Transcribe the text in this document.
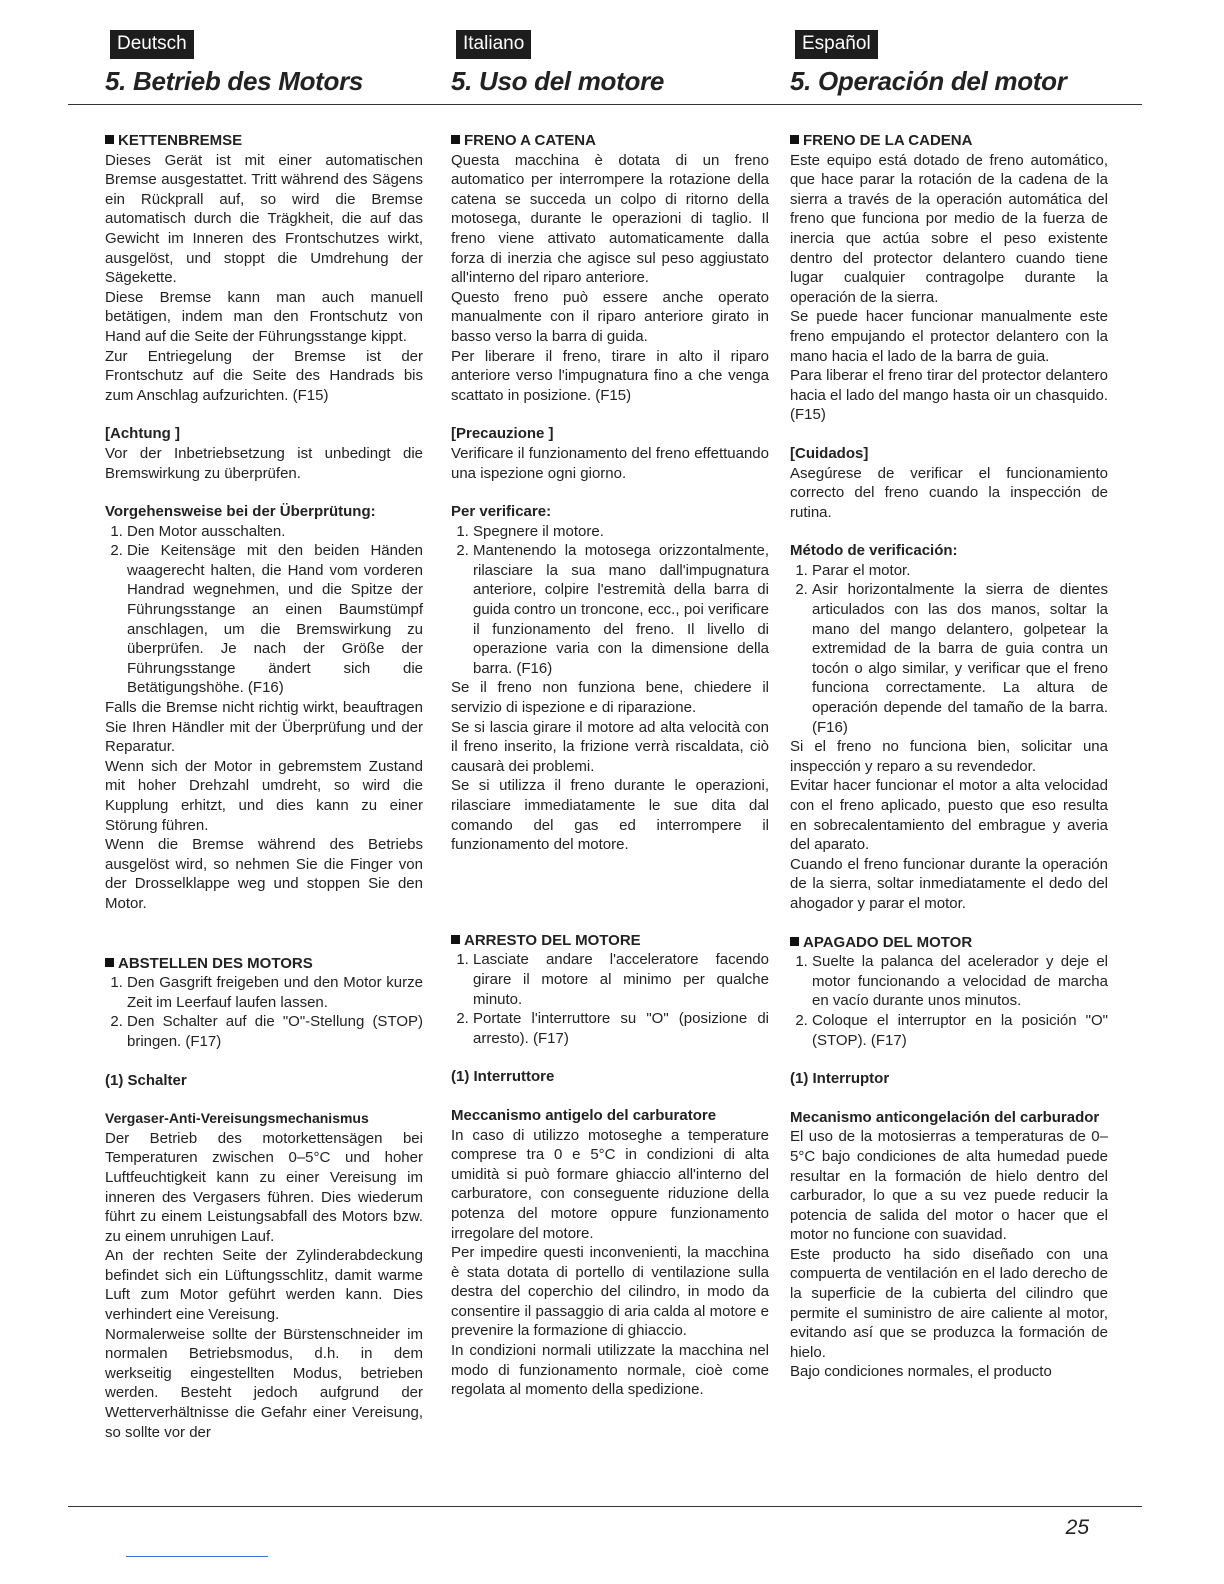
Deutsch
5. Betrieb des Motors
KETTENBREMSE

Dieses Gerät ist mit einer automatischen Bremse ausgestattet. Tritt während des Sägens ein Rückprall auf, so wird die Bremse automatisch durch die Trägkheit, die auf das Gewicht im Inneren des Frontschutzes wirkt, ausgelöst, und stoppt die Umdrehung der Sägekette.

Diese Bremse kann man auch manuell betätigen, indem man den Frontschutz von Hand auf die Seite der Führungsstange kippt.

Zur Entriegelung der Bremse ist der Frontschutz auf die Seite des Handrads bis zum Anschlag aufzurichten. (F15)

[Achtung ]

Vor der Inbetriebsetzung ist unbedingt die Bremswirkung zu überprüfen.

Vorgehensweise bei der Überprütung:
1. Den Motor ausschalten.
2. Die Keitensäge mit den beiden Händen waagerecht halten, die Hand vom vorderen Handrad wegnehmen, und die Spitze der Führungsstange an einen Baumstümpf anschlagen, um die Bremswirkung zu überprüfen. Je nach der Größe der Führungsstange ändert sich die Betätigungshöhe. (F16)

Falls die Bremse nicht richtig wirkt, beauftragen Sie Ihren Händler mit der Überprüfung und der Reparatur.

Wenn sich der Motor in gebremstem Zustand mit hoher Drehzahl umdreht, so wird die Kupplung erhitzt, und dies kann zu einer Störung führen.

Wenn die Bremse während des Betriebs ausgelöst wird, so nehmen Sie die Finger von der Drosselklappe weg und stoppen Sie den Motor.

ABSTELLEN DES MOTORS
1. Den Gasgrift freigeben und den Motor kurze Zeit im Leerfauf laufen lassen.
2. Den Schalter auf die "O"-Stellung (STOP) bringen. (F17)
(1) Schalter
Vergaser-Anti-Vereisungsmechanismus

Der Betrieb des motorkettensägen bei Temperaturen zwischen 0–5°C und hoher Luftfeuchtigkeit kann zu einer Vereisung im inneren des Vergasers führen. Dies wiederum führt zu einem Leistungsabfall des Motors bzw. zu einem unruhigen Lauf.

An der rechten Seite der Zylinderabdeckung befindet sich ein Lüftungsschlitz, damit warme Luft zum Motor geführt werden kann. Dies verhindert eine Vereisung.

Normalerweise sollte der Bürstenschneider im normalen Betriebsmodus, d.h. in dem werkseitig eingestellten Modus, betrieben werden. Besteht jedoch aufgrund der Wetterverhältnisse die Gefahr einer Vereisung, so sollte vor der

Italiano
5. Uso del motore
FRENO A CATENA

Questa macchina è dotata di un freno automatico per interrompere la rotazione della catena se succeda un colpo di ritorno della motosega, durante le operazioni di taglio. Il freno viene attivato automaticamente dalla forza di inerzia che agisce sul peso aggiustato all'interno del riparo anteriore.

Questo freno può essere anche operato manualmente con il riparo anteriore girato in basso verso la barra di guida.

Per liberare il freno, tirare in alto il riparo anteriore verso l'impugnatura fino a che venga scattato in posizione. (F15)

[Precauzione ]

Verificare il funzionamento del freno effettuando una ispezione ogni giorno.

Per verificare:
1. Spegnere il motore.
2. Mantenendo la motosega orizzontalmente, rilasciare la sua mano dall'impugnatura anteriore, colpire l'estremità della barra di guida contro un troncone, ecc., poi verificare il funzionamento del freno. Il livello di operazione varia con la dimensione della barra. (F16)

Se il freno non funziona bene, chiedere il servizio di ispezione e di riparazione.

Se si lascia girare il motore ad alta velocità con il freno inserito, la frizione verrà riscaldata, ciò causarà dei problemi.

Se si utilizza il freno durante le operazioni, rilasciare immediatamente le sue dita dal comando del gas ed interrompere il funzionamento del motore.

ARRESTO DEL MOTORE
1. Lasciate andare l'acceleratore facendo girare il motore al minimo per qualche minuto.
2. Portate l'interruttore su "O" (posizione di arresto). (F17)
(1) Interruttore
Meccanismo antigelo del carburatore

In caso di utilizzo motoseghe a temperature comprese tra 0 e 5°C in condizioni di alta umidità si può formare ghiaccio all'interno del carburatore, con conseguente riduzione della potenza del motore oppure funzionamento irregolare del motore.

Per impedire questi inconvenienti, la macchina è stata dotata di portello di ventilazione sulla destra del coperchio del cilindro, in modo da consentire il passaggio di aria calda al motore e prevenire la formazione di ghiaccio.

In condizioni normali utilizzate la macchina nel modo di funzionamento normale, cioè come regolata al momento della spedizione.

Español
5. Operación del motor
FRENO DE LA CADENA

Este equipo está dotado de freno automático, que hace parar la rotación de la cadena de la sierra a través de la operación automática del freno que funciona por medio de la fuerza de inercia que actúa sobre el peso existente dentro del protector delantero cuando tiene lugar cualquier contragolpe durante la operación de la sierra.

Se puede hacer funcionar manualmente este freno empujando el protector delantero con la mano hacia el lado de la barra de guia.

Para liberar el freno tirar del protector delantero hacia el lado del mango hasta oir un chasquido. (F15)

[Cuidados]

Asegúrese de verificar el funcionamiento correcto del freno cuando la inspección de rutina.

Método de verificación:
1. Parar el motor.
2. Asir horizontalmente la sierra de dientes articulados con las dos manos, soltar la mano del mango delantero, golpetear la extremidad de la barra de guia contra un tocón o algo similar, y verificar que el freno funciona correctamente. La altura de operación depende del tamaño de la barra. (F16)

Si el freno no funciona bien, solicitar una inspección y reparo a su revendedor.

Evitar hacer funcionar el motor a alta velocidad con el freno aplicado, puesto que eso resulta en sobrecalentamiento del embrague y averia del aparato.

Cuando el freno funcionar durante la operación de la sierra, soltar inmediatamente el dedo del ahogador y parar el motor.

APAGADO DEL MOTOR
1. Suelte la palanca del acelerador y deje el motor funcionando a velocidad de marcha en vacío durante unos minutos.
2. Coloque el interruptor en la posición "O" (STOP). (F17)
(1) Interruptor
Mecanismo anticongelación del carburador

El uso de la motosierras a temperaturas de 0–5°C bajo condiciones de alta humedad puede resultar en la formación de hielo dentro del carburador, lo que a su vez puede reducir la potencia de salida del motor o hacer que el motor no funcione con suavidad.

Este producto ha sido diseñado con una compuerta de ventilación en el lado derecho de la superficie de la cubierta del cilindro que permite el suministro de aire caliente al motor, evitando así que se produzca la formación de hielo.

Bajo condiciones normales, el producto

25
